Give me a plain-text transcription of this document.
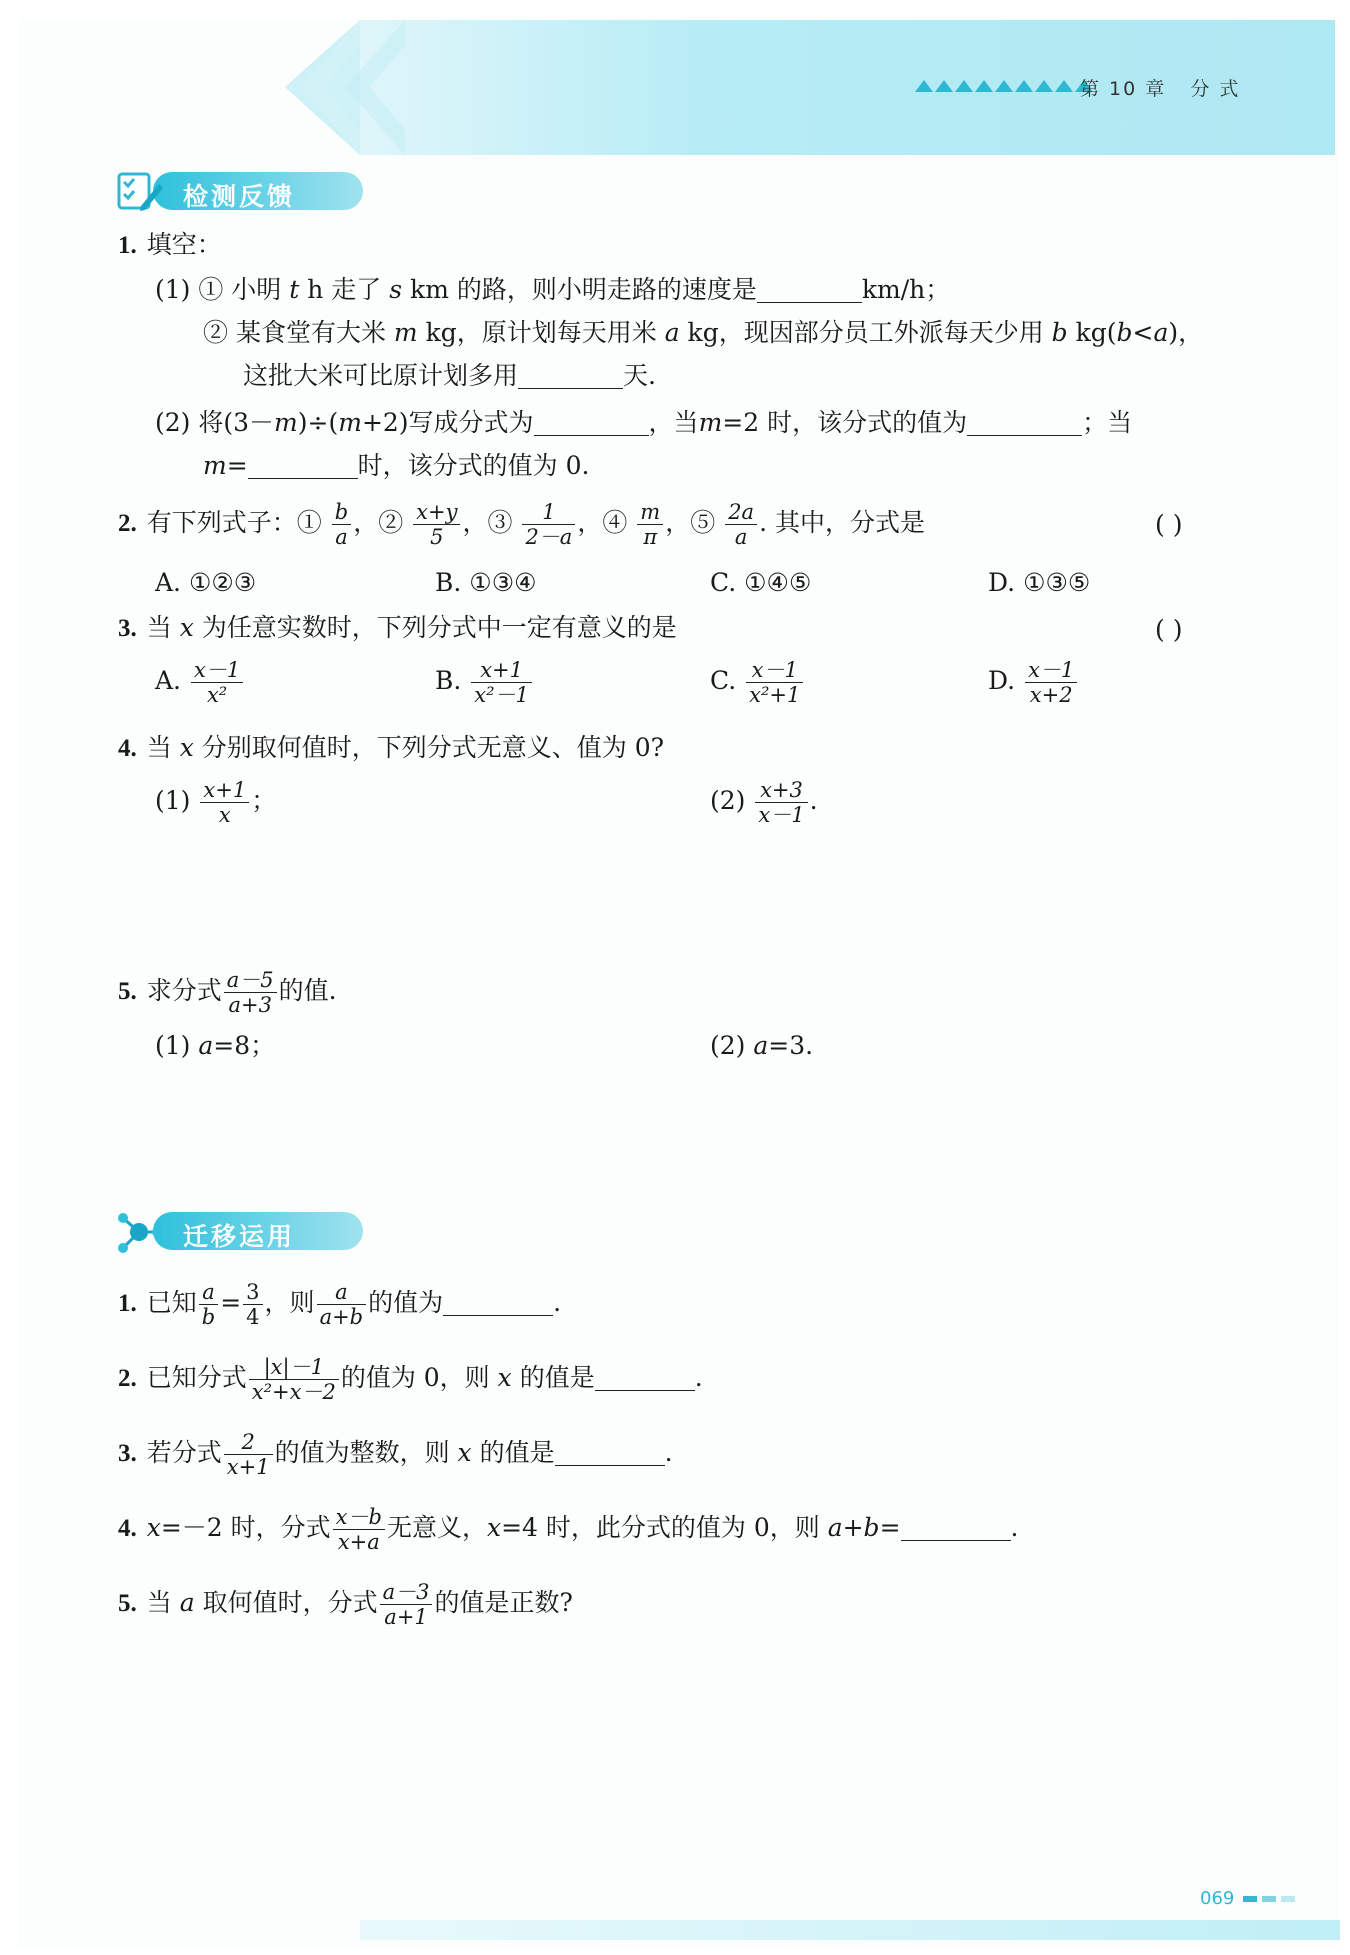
第 10 章 分 式
检测反馈
1. 填空：
(1) ① 小明 t h 走了 s km 的路，则小明走路的速度是	km/h；
② 某食堂有大米 m kg，原计划每天用米 a kg，现因部分员工外派每天少用 b kg(b<a)，
这批大米可比原计划多用	天.
(2) 将(3－m)÷(m+2)写成分式为	，当m=2 时，该分式的值为	；当
m=	时，该分式的值为 0.
2. 有下列式子：① $\frac{b}{a}$ ，② $\frac{x+y}{5}$ ，③ $\frac{1}{2-a}$ ，④ $\frac{m}{\pi}$ ，⑤ $\frac{2a}{a}$ . 其中，分式是	( )
A. ①②③	B. ①③④	C. ①④⑤	D. ①③⑤
3. 当 x 为任意实数时，下列分式中一定有意义的是	( )
A. $\frac{x-1}{\text{x²}}$	B. $\frac{x+1}{\text{x²－1}}$	C. $\frac{x-1}{\text{x²+1}}$	D. $\frac{x-1}{x+2}$
4. 当 x 分别取何值时，下列分式无意义、值为 0?
$(1) \frac{x+1}{x}$ ；	$(2) \frac{x+3}{x-1}$ .
5. 求分式 $\frac{a-5}{a+3}$ 的值.
(1) a=8；	(2) a=3.
迁移运用
1. 已知 $\frac{a}{b} = \frac{3}{4}$ ，则 $\frac{a}{a+b}$ 的值为	.
2. 已知分式 $\frac{|x|-1}{\text{x²+x－2}}$ 的值为 0，则 x 的值是	.
3. 若分式 $\frac{2}{x+1}$ 的值为整数，则 x 的值是	.
4. x=－2 时，分式 $\frac{x-b}{x+a}$ 无意义，x=4 时，此分式的值为 0，则 a+b=	.
5. 当 a 取何值时，分式 $\frac{a-3}{a+1}$ 的值是正数?
069
